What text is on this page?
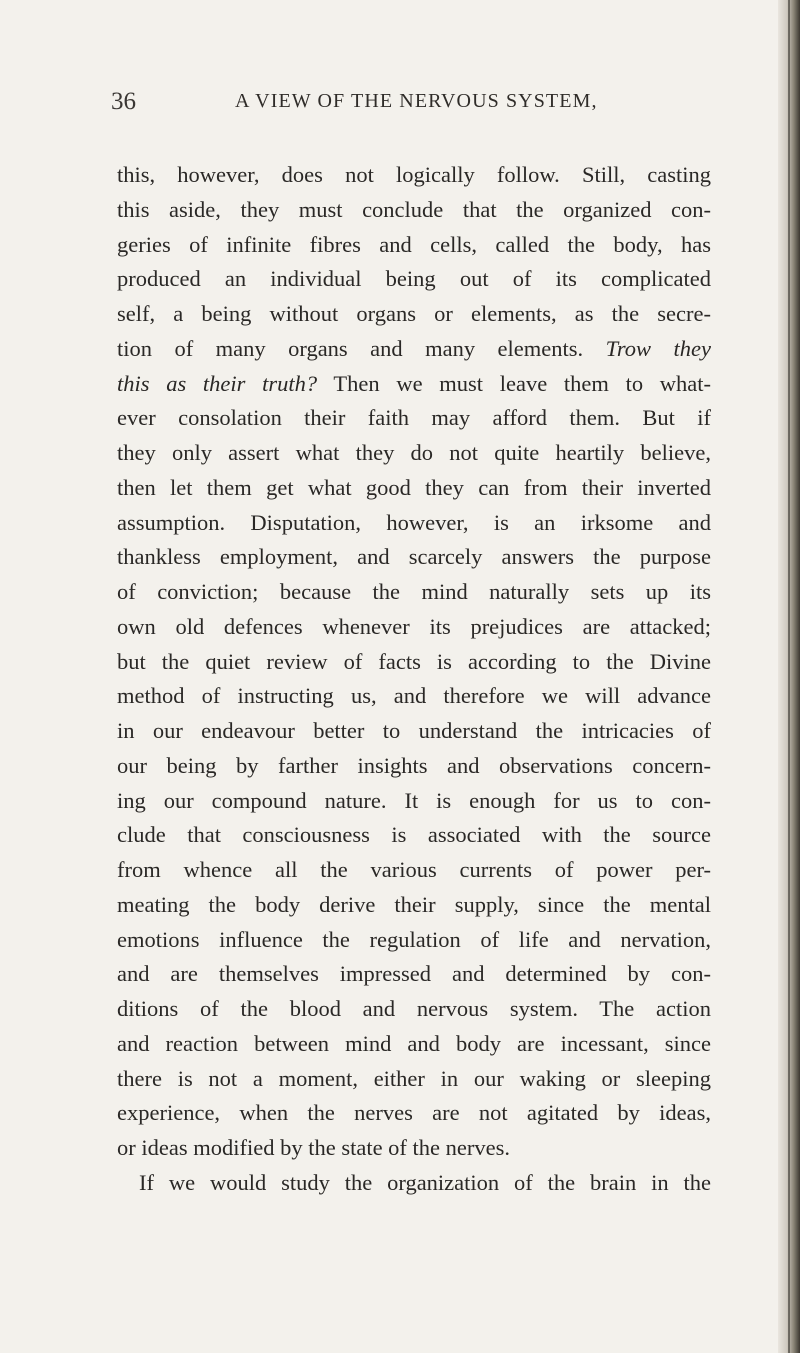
36	A VIEW OF THE NERVOUS SYSTEM,
this, however, does not logically follow. Still, casting
this aside, they must conclude that the organized con-
geries of infinite fibres and cells, called the body, has
produced an individual being out of its complicated
self, a being without organs or elements, as the secre-
tion of many organs and many elements. Trow they
this as their truth? Then we must leave them to what-
ever consolation their faith may afford them. But if
they only assert what they do not quite heartily believe,
then let them get what good they can from their inverted
assumption. Disputation, however, is an irksome and
thankless employment, and scarcely answers the purpose
of conviction; because the mind naturally sets up its
own old defences whenever its prejudices are attacked;
but the quiet review of facts is according to the Divine
method of instructing us, and therefore we will advance
in our endeavour better to understand the intricacies of
our being by farther insights and observations concern-
ing our compound nature. It is enough for us to con-
clude that consciousness is associated with the source
from whence all the various currents of power per-
meating the body derive their supply, since the mental
emotions influence the regulation of life and nervation,
and are themselves impressed and determined by con-
ditions of the blood and nervous system. The action
and reaction between mind and body are incessant, since
there is not a moment, either in our waking or sleeping
experience, when the nerves are not agitated by ideas,
or ideas modified by the state of the nerves.
If we would study the organization of the brain in the
